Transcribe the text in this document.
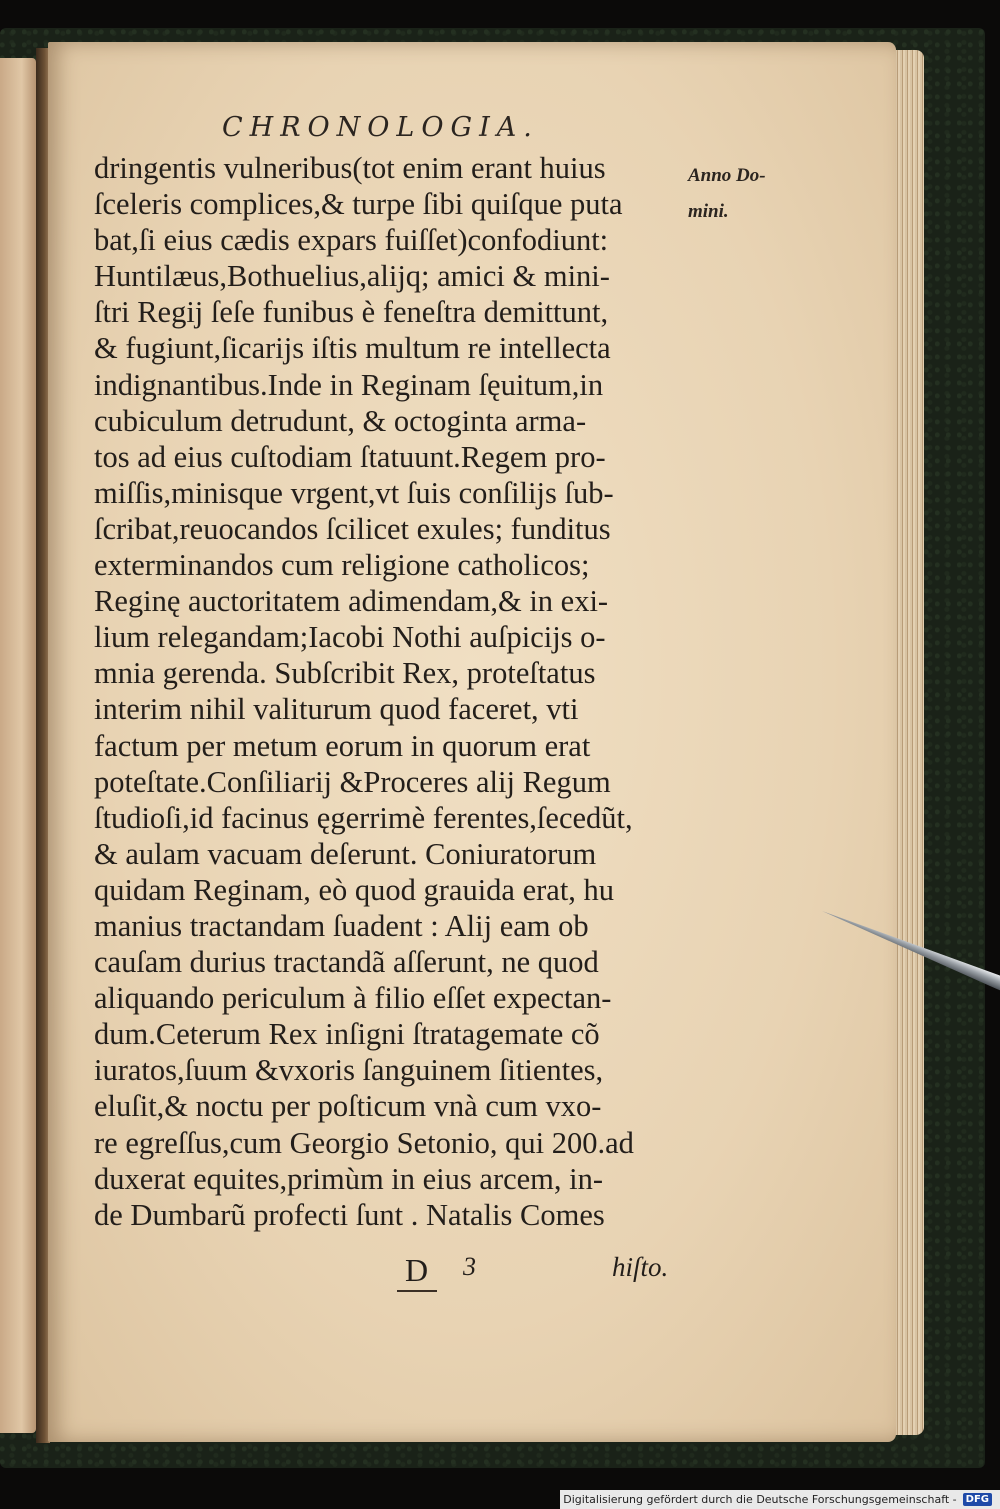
CHRONOLOGIA.
Anno Do-
mini.
dringentis vulneribus(tot enim erant huius
ſceleris complices,& turpe ſibi quiſque puta
bat,ſi eius cædis expars fuiſſet)confodiunt:
Huntilæus,Bothuelius,alijq; amici & mini-
ſtri Regij ſeſe funibus è feneſtra demittunt,
& fugiunt,ſicarijs iſtis multum re intellecta
indignantibus.Inde in Reginam ſęuitum,in
cubiculum detrudunt, & octoginta arma-
tos ad eius cuſtodiam ſtatuunt.Regem pro-
miſſis,minisque vrgent,vt ſuis conſilijs ſub-
ſcribat,reuocandos ſcilicet exules; funditus
exterminandos cum religione catholicos;
Reginę auctoritatem adimendam,& in exi-
lium relegandam;Iacobi Nothi auſpicijs o-
mnia gerenda. Subſcribit Rex, proteſtatus
interim nihil valiturum quod faceret, vti
factum per metum eorum in quorum erat
poteſtate.Conſiliarij &Proceres alij Regum
ſtudioſi,id facinus ęgerrimè ferentes,ſecedũt,
& aulam vacuam deſerunt. Coniuratorum
quidam Reginam, eò quod grauida erat, hu
manius tractandam ſuadent : Alij eam ob
cauſam durius tractandã aſſerunt, ne quod
aliquando periculum à filio eſſet expectan-
dum.Ceterum Rex inſigni ſtratagemate cõ
iuratos,ſuum &vxoris ſanguinem ſitientes,
eluſit,& noctu per poſticum vnà cum vxo-
re egreſſus,cum Georgio Setonio, qui 200.ad
duxerat equites,primùm in eius arcem, in-
de Dumbarũ profecti ſunt . Natalis Comes
D 3	hiſto.
Digitalisierung gefördert durch die Deutsche Forschungsgemeinschaft - DFG
